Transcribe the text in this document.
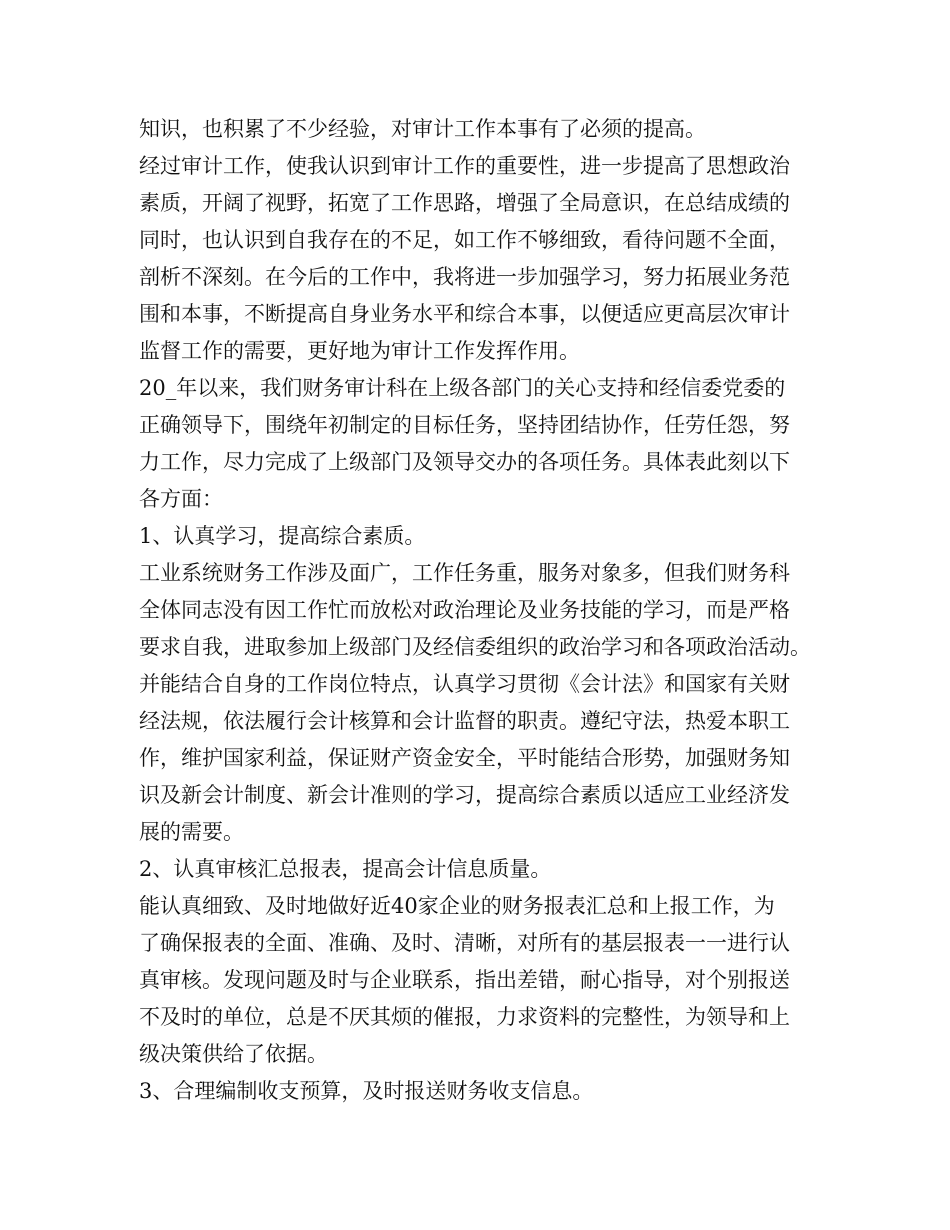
知识，也积累了不少经验，对审计工作本事有了必须的提高。
经过审计工作，使我认识到审计工作的重要性，进一步提高了思想政治
素质，开阔了视野，拓宽了工作思路，增强了全局意识，在总结成绩的
同时，也认识到自我存在的不足，如工作不够细致，看待问题不全面，
剖析不深刻。在今后的工作中，我将进一步加强学习，努力拓展业务范
围和本事，不断提高自身业务水平和综合本事，以便适应更高层次审计
监督工作的需要，更好地为审计工作发挥作用。
20_年以来，我们财务审计科在上级各部门的关心支持和经信委党委的
正确领导下，围绕年初制定的目标任务，坚持团结协作，任劳任怨，努
力工作，尽力完成了上级部门及领导交办的各项任务。具体表此刻以下
各方面：
1、认真学习，提高综合素质。
工业系统财务工作涉及面广，工作任务重，服务对象多，但我们财务科
全体同志没有因工作忙而放松对政治理论及业务技能的学习，而是严格
要求自我，进取参加上级部门及经信委组织的政治学习和各项政治活动。
并能结合自身的工作岗位特点，认真学习贯彻《会计法》和国家有关财
经法规，依法履行会计核算和会计监督的职责。遵纪守法，热爱本职工
作，维护国家利益，保证财产资金安全，平时能结合形势，加强财务知
识及新会计制度、新会计准则的学习，提高综合素质以适应工业经济发
展的需要。
2、认真审核汇总报表，提高会计信息质量。
能认真细致、及时地做好近40家企业的财务报表汇总和上报工作，为
了确保报表的全面、准确、及时、清晰，对所有的基层报表一一进行认
真审核。发现问题及时与企业联系，指出差错，耐心指导，对个别报送
不及时的单位，总是不厌其烦的催报，力求资料的完整性，为领导和上
级决策供给了依据。
3、合理编制收支预算，及时报送财务收支信息。
